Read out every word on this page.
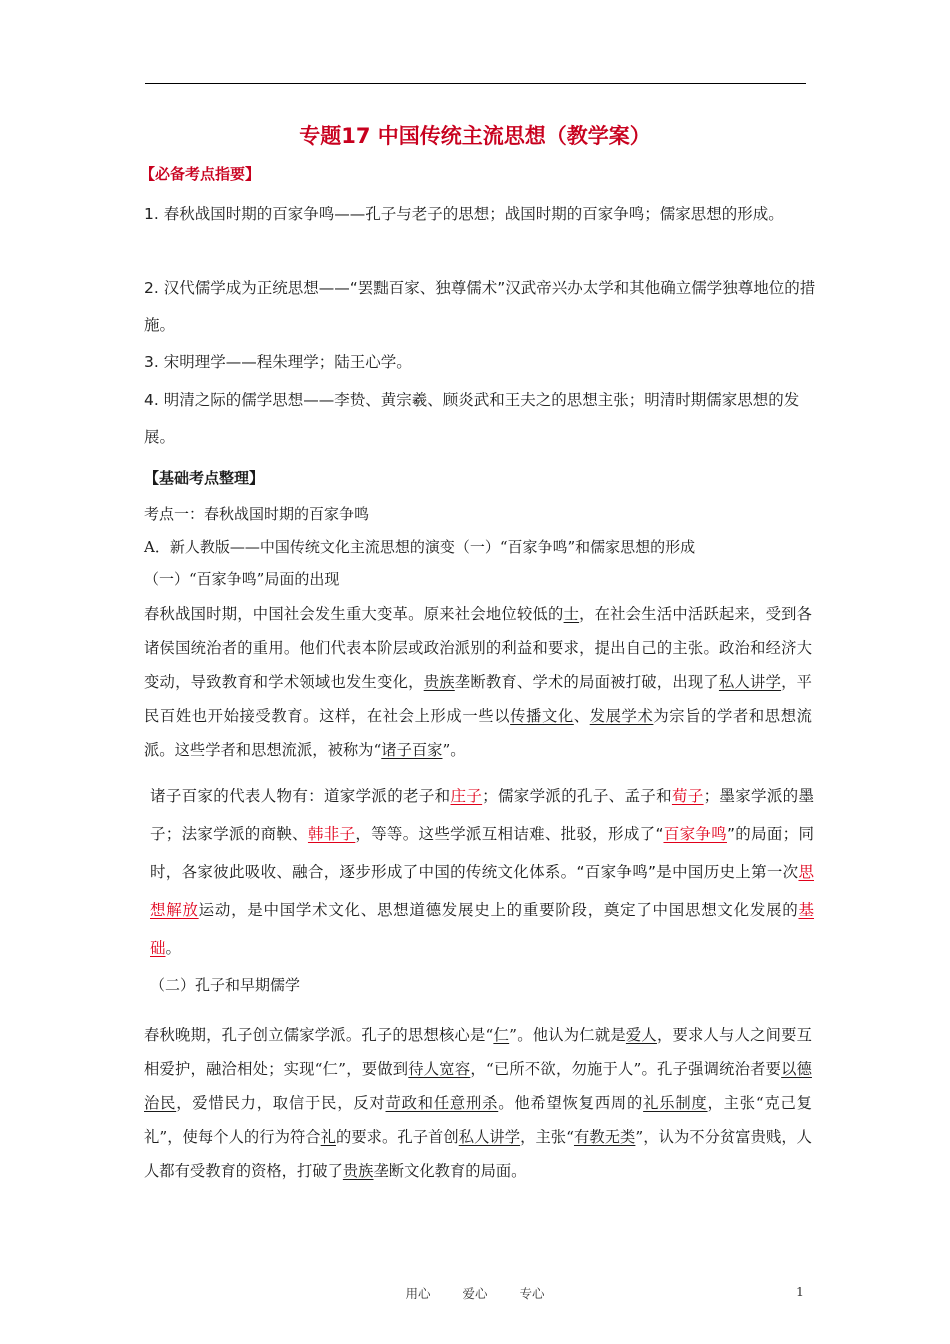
专题17 中国传统主流思想（教学案）
【必备考点指要】
1. 春秋战国时期的百家争鸣——孔子与老子的思想；战国时期的百家争鸣；儒家思想的形成。
2. 汉代儒学成为正统思想——“罢黜百家、独尊儒术”汉武帝兴办太学和其他确立儒学独尊地位的措施。
3. 宋明理学——程朱理学；陆王心学。
4. 明清之际的儒学思想——李贽、黄宗羲、顾炎武和王夫之的思想主张；明清时期儒家思想的发展。
【基础考点整理】
考点一：春秋战国时期的百家争鸣
A．新人教版——中国传统文化主流思想的演变（一）“百家争鸣”和儒家思想的形成
（一）“百家争鸣”局面的出现
春秋战国时期，中国社会发生重大变革。原来社会地位较低的士，在社会生活中活跃起来，受到各诸侯国统治者的重用。他们代表本阶层或政治派别的利益和要求，提出自己的主张。政治和经济大变动，导致教育和学术领域也发生变化，贵族垄断教育、学术的局面被打破，出现了私人讲学，平民百姓也开始接受教育。这样，在社会上形成一些以传播文化、发展学术为宗旨的学者和思想流派。这些学者和思想流派，被称为“诸子百家”。
诸子百家的代表人物有：道家学派的老子和庄子；儒家学派的孔子、孟子和荀子；墨家学派的墨子；法家学派的商鞅、韩非子，等等。这些学派互相诘难、批驳，形成了“百家争鸣”的局面；同时，各家彼此吸收、融合，逐步形成了中国的传统文化体系。“百家争鸣”是中国历史上第一次思想解放运动，是中国学术文化、思想道德发展史上的重要阶段，奠定了中国思想文化发展的基础。
（二）孔子和早期儒学
春秋晚期，孔子创立儒家学派。孔子的思想核心是“仁”。他认为仁就是爱人，要求人与人之间要互相爱护，融洽相处；实现“仁”，要做到待人宽容，“已所不欲，勿施于人”。孔子强调统治者要以德治民，爱惜民力，取信于民，反对苛政和任意刑杀。他希望恢复西周的礼乐制度，主张“克己复礼”，使每个人的行为符合礼的要求。孔子首创私人讲学，主张“有教无类”，认为不分贫富贵贱，人人都有受教育的资格，打破了贵族垄断文化教育的局面。
用心 爱心 专心	1
